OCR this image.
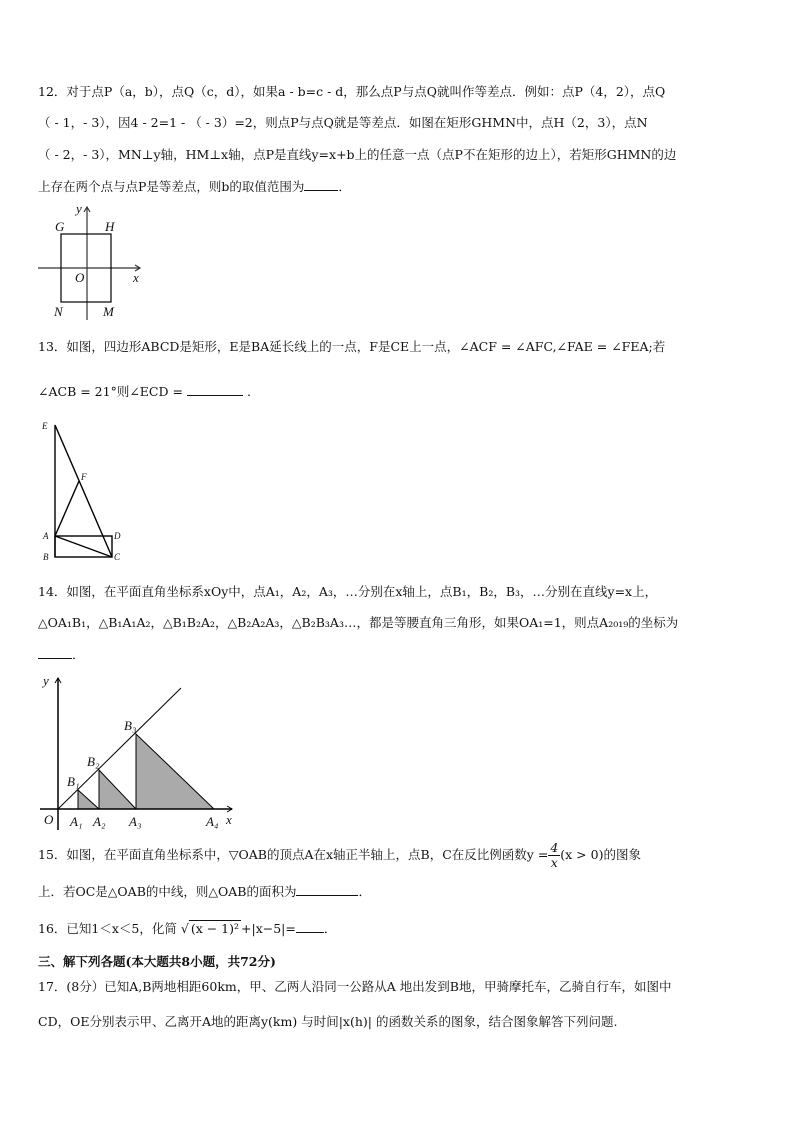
12．对于点P（a，b），点Q（c，d），如果a - b=c - d，那么点P与点Q就叫作等差点．例如：点P（4，2），点Q
（ - 1，- 3），因4 - 2=1 - （ - 3）=2，则点P与点Q就是等差点．如图在矩形GHMN中，点H（2，3），点N
（ - 2，- 3），MN⊥y轴，HM⊥x轴，点P是直线y=x+b上的任意一点（点P不在矩形的边上），若矩形GHMN的边
上存在两个点与点P是等差点，则b的取值范围为	．
G	H
N	M
O	x
y
E
F
A
B	C
D
O	x
y
A₁ A₂ A₃	A₄
B₁
B₂
B₃
13．如图，四边形ABCD是矩形，E是BA延长线上的一点，F是CE上一点，∠ACF = ∠AFC,∠FAE = ∠FEA;若
∠ACB = 21°则∠ECD =	.
14．如图，在平面直角坐标系xOy中，点A₁，A₂，A₃，…分别在x轴上，点B₁，B₂，B₃，…分别在直线y=x上，
△OA₁B₁，△B₁A₁A₂，△B₁B₂A₂，△B₂A₂A₃，△B₂B₃A₃…，都是等腰直角三角形，如果OA₁=1，则点A₂₀₁₉的坐标为
．
15．如图，在平面直角坐标系中，▽OAB的顶点A在x轴正半轴上，点B，C在反比例函数$y = \frac{4}{x} (x > 0)$的图象
上．若OC是△OAB的中线，则△OAB的面积为	．
16．已知1＜x＜5，化简 √ (x − 1)² +|x−5|= ．
三、解下列各题(本大题共8小题，共72分)
17．(8分）已知A,B两地相距60km，甲、乙两人沿同一公路从A 地出发到B地，甲骑摩托车，乙骑自行车，如图中
CD，OE分别表示甲、乙离开A地的距离y(km) 与时间|x(h)| 的函数关系的图象，结合图象解答下列问题.
